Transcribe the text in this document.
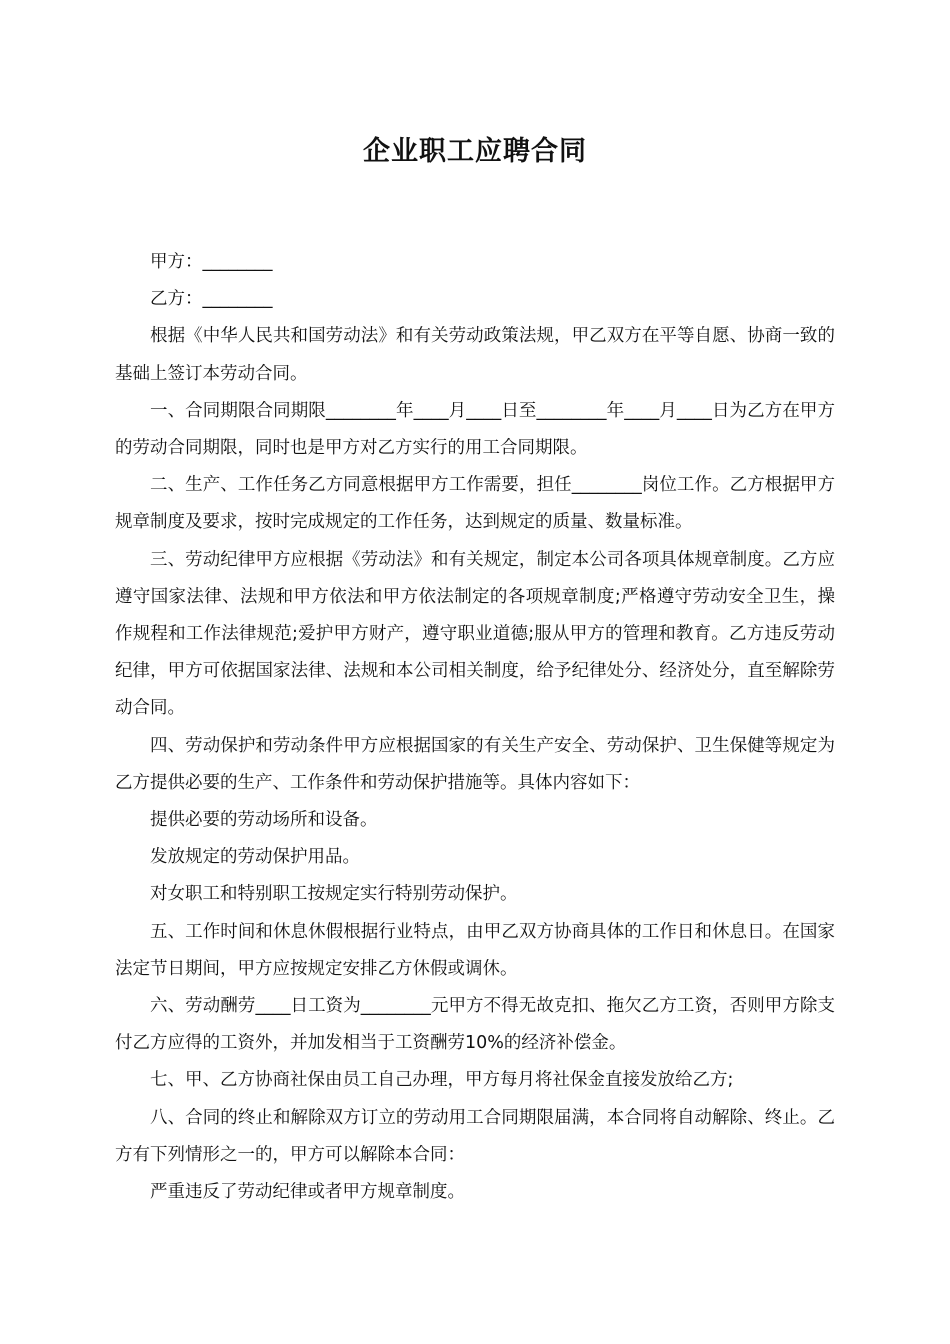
企业职工应聘合同

甲方：________

乙方：________

根据《中华人民共和国劳动法》和有关劳动政策法规，甲乙双方在平等自愿、协商一致的基础上签订本劳动合同。

一、合同期限合同期限________年____月____日至________年____月____日为乙方在甲方的劳动合同期限，同时也是甲方对乙方实行的用工合同期限。

二、生产、工作任务乙方同意根据甲方工作需要，担任________岗位工作。乙方根据甲方规章制度及要求，按时完成规定的工作任务，达到规定的质量、数量标准。

三、劳动纪律甲方应根据《劳动法》和有关规定，制定本公司各项具体规章制度。乙方应遵守国家法律、法规和甲方依法和甲方依法制定的各项规章制度;严格遵守劳动安全卫生，操作规程和工作法律规范;爱护甲方财产，遵守职业道德;服从甲方的管理和教育。乙方违反劳动纪律，甲方可依据国家法律、法规和本公司相关制度，给予纪律处分、经济处分，直至解除劳动合同。

四、劳动保护和劳动条件甲方应根据国家的有关生产安全、劳动保护、卫生保健等规定为乙方提供必要的生产、工作条件和劳动保护措施等。具体内容如下：

提供必要的劳动场所和设备。

发放规定的劳动保护用品。

对女职工和特别职工按规定实行特别劳动保护。

五、工作时间和休息休假根据行业特点，由甲乙双方协商具体的工作日和休息日。在国家法定节日期间，甲方应按规定安排乙方休假或调休。

六、劳动酬劳____日工资为________元甲方不得无故克扣、拖欠乙方工资，否则甲方除支付乙方应得的工资外，并加发相当于工资酬劳10%的经济补偿金。

七、甲、乙方协商社保由员工自己办理，甲方每月将社保金直接发放给乙方;

八、合同的终止和解除双方订立的劳动用工合同期限届满，本合同将自动解除、终止。乙方有下列情形之一的，甲方可以解除本合同：

严重违反了劳动纪律或者甲方规章制度。
